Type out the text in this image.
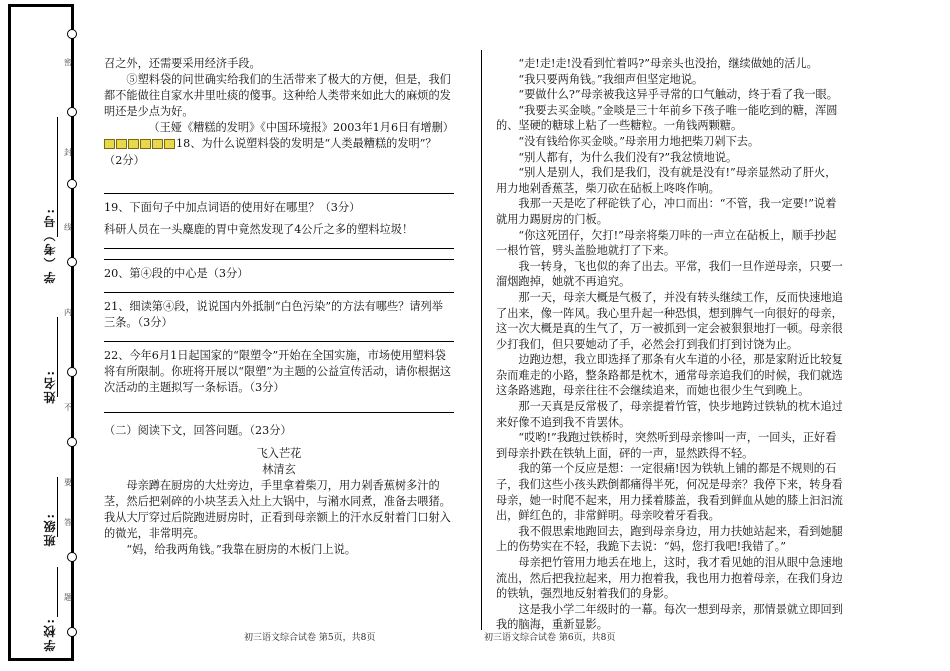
学（考）号:
姓名:
班级:
学校:
密
封
线
内
不
要
答
题

召之外，还需要采用经济手段。

⑤塑料袋的问世确实给我们的生活带来了极大的方便，但是，我们都不能做往自家水井里吐痰的傻事。这种给人类带来如此大的麻烦的发明还是少点为好。

（王娅《糟糕的发明》《中国环境报》2003年1月6日有增删）

18、为什么说塑料袋的发明是“人类最糟糕的发明”？（2分）

19、下面句子中加点词语的使用好在哪里？（3分）

科研人员在一头麋鹿的胃中竟然发现了4公斤之多的塑料垃圾！

20、第④段的中心是（3分）

21、细读第④段，说说国内外抵制“白色污染”的方法有哪些？请列举三条。（3分）

22、今年6月1日起国家的“限塑令”开始在全国实施，市场使用塑料袋将有所限制。你班将开展以“限塑”为主题的公益宣传活动，请你根据这次活动的主题拟写一条标语。（3分）

（二）阅读下文，回答问题。（23分）

飞入芒花

林清玄

母亲蹲在厨房的大灶旁边，手里拿着柴刀，用力剁香蕉树多汁的茎，然后把剁碎的小块茎丢入灶上大锅中，与潲水同煮，准备去喂猪。我从大厅穿过后院跑进厨房时，正看到母亲额上的汗水反射着门口射入的微光，非常明亮。

“妈，给我两角钱。”我靠在厨房的木板门上说。

“走!走!走!没看到忙着吗?”母亲头也没抬，继续做她的活儿。

“我只要两角钱。”我细声但坚定地说。

“要做什么?”母亲被我这异乎寻常的口气触动，终于看了我一眼。

“我要去买金啖。”金啖是三十年前乡下孩子唯一能吃到的糖，浑圆的、坚硬的糖球上粘了一些糖粒。一角钱两颗糖。

“没有钱给你买金啖。”母亲用力地把柴刀剁下去。

“别人都有，为什么我们没有?”我忿愤地说。

“别人是别人，我们是我们，没有就是没有!”母亲显然动了肝火，用力地剁香蕉茎，柴刀砍在砧板上咚咚作响。

我那一天是吃了秤砣铁了心，冲口而出：“不管，我一定要!”说着就用力踢厨房的门板。

“你这死囝仔，欠打!”母亲将柴刀咔的一声立在砧板上，顺手抄起一根竹管，劈头盖脸地就打了下来。

我一转身，飞也似的奔了出去。平常，我们一旦作逆母亲，只要一溜烟跑掉，她就不再追究。

那一天，母亲大概是气极了，并没有转头继续工作，反而快速地追了出来，像一阵风。我心里升起一种恐惧，想到脾气一向很好的母亲，这一次大概是真的生气了，万一被抓到一定会被狠狠地打一顿。母亲很少打我们，但只要她动了手，必然会打到我们打到讨饶为止。

边跑边想，我立即选择了那条有火车道的小径，那是家附近比较复杂而难走的小路，整条路都是枕木，通常母亲追我们的时候，我们就选这条路逃跑，母亲往往不会继续追来，而她也很少生气到晚上。

那一天真是反常极了，母亲提着竹管，快步地跨过铁轨的枕木追过来好像不追到我不肯罢休。

“哎哟!”我跑过铁桥时，突然听到母亲惨叫一声，一回头，正好看到母亲扑跌在铁轨上面，砰的一声，显然跌得不轻。

我的第一个反应是想：一定很痛!因为铁轨上铺的都是不规则的石子，我们这些小孩头跌倒都痛得半死，何况是母亲？我停下来，转身看母亲，她一时爬不起来，用力揉着膝盖，我看到鲜血从她的膝上汩汩流出，鲜红色的，非常鲜明。母亲咬着牙看我。

我不假思索地跑回去，跑到母亲身边，用力扶她站起来，看到她腿上的伤势实在不轻，我跪下去说：“妈，您打我吧!我错了。”

母亲把竹管用力地丢在地上，这时，我才看见她的泪从眼中急速地流出，然后把我拉起来，用力抱着我，我也用力抱着母亲，在我们身边的铁轨，强烈地反射着我们的身影。

这是我小学二年级时的一幕。每次一想到母亲，那情景就立即回到我的脑海，重新显影。

初三语文综合试卷 第5页，共8页	初三语文综合试卷 第6页，共8页
